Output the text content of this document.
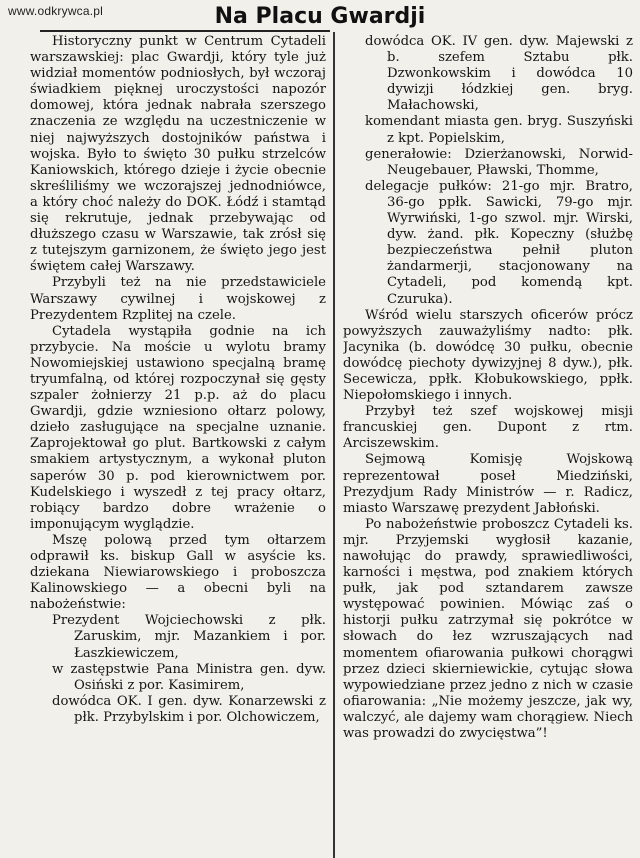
www.odkrywca.pl	Na Placu Gwardji

Historyczny punkt w Centrum Cytadeli warszawskiej: plac Gwardji, który tyle już widział momentów podniosłych, był wczoraj świadkiem pięknej uroczystości napozór domowej, która jednak nabrała szerszego znaczenia ze względu na uczestniczenie w niej najwyższych dostojników państwa i wojska. Było to święto 30 pułku strzelców Kaniowskich, którego dzieje i życie obecnie skreśliliśmy we wczorajszej jednodniówce, a który choć należy do DOK. Łódź i stamtąd się rekrutuje, jednak przebywając od dłuższego czasu w Warszawie, tak zrósł się z tutejszym garnizonem, że święto jego jest świętem całej Warszawy.

Przybyli też na nie przedstawiciele Warszawy cywilnej i wojskowej z Prezydentem Rzplitej na czele.

Cytadela wystąpiła godnie na ich przybycie. Na moście u wylotu bramy Nowomiejskiej ustawiono specjalną bramę tryumfalną, od której rozpoczynał się gęsty szpaler żołnierzy 21 p.p. aż do placu Gwardji, gdzie wzniesiono ołtarz polowy, dzieło zasługujące na specjalne uznanie. Zaprojektował go plut. Bartkowski z całym smakiem artystycznym, a wykonał pluton saperów 30 p. pod kierownictwem por. Kudelskiego i wyszedł z tej pracy ołtarz, robiący bardzo dobre wrażenie o imponującym wyglądzie.

Mszę polową przed tym ołtarzem odprawił ks. biskup Gall w asyście ks. dziekana Niewiarowskiego i proboszcza Kalinowskiego — a obecni byli na nabożeństwie:

Prezydent Wojciechowski z płk. Zaruskim, mjr. Mazankiem i por. Łaszkiewiczem,

w zastępstwie Pana Ministra gen. dyw. Osiński z por. Kasimirem,

dowódca OK. I gen. dyw. Konarzewski z płk. Przybylskim i por. Olchowiczem,

dowódca OK. IV gen. dyw. Majewski z b. szefem Sztabu płk. Dzwonkowskim i dowódca 10 dywizji łódzkiej gen. bryg. Małachowski,

komendant miasta gen. bryg. Suszyński z kpt. Popielskim,

generałowie: Dzierżanowski, Norwid-Neugebauer, Pławski, Thomme,

delegacje pułków: 21-go mjr. Bratro, 36-go ppłk. Sawicki, 79-go mjr. Wyrwiński, 1-go szwol. mjr. Wirski, dyw. żand. płk. Kopeczny (służbę bezpieczeństwa pełnił pluton żandarmerji, stacjonowany na Cytadeli, pod komendą kpt. Czuruka).

Wśród wielu starszych oficerów prócz powyższych zauważyliśmy nadto: płk. Jacynika (b. dowódcę 30 pułku, obecnie dowódcę piechoty dywizyjnej 8 dyw.), płk. Secewicza, ppłk. Kłobukowskiego, ppłk. Niepołomskiego i innych.

Przybył też szef wojskowej misji francuskiej gen. Dupont z rtm. Arciszewskim.

Sejmową Komisję Wojskową reprezentował poseł Miedziński, Prezydjum Rady Ministrów — r. Radicz, miasto Warszawę prezydent Jabłoński.

Po nabożeństwie proboszcz Cytadeli ks. mjr. Przyjemski wygłosił kazanie, nawołując do prawdy, sprawiedliwości, karności i męstwa, pod znakiem których pułk, jak pod sztandarem zawsze występować powinien. Mówiąc zaś o historji pułku zatrzymał się pokrótce w słowach do łez wzruszających nad momentem ofiarowania pułkowi chorągwi przez dzieci skierniewickie, cytując słowa wypowiedziane przez jedno z nich w czasie ofiarowania: „Nie możemy jeszcze, jak wy, walczyć, ale dajemy wam chorągiew. Niech was prowadzi do zwycięstwa”!
